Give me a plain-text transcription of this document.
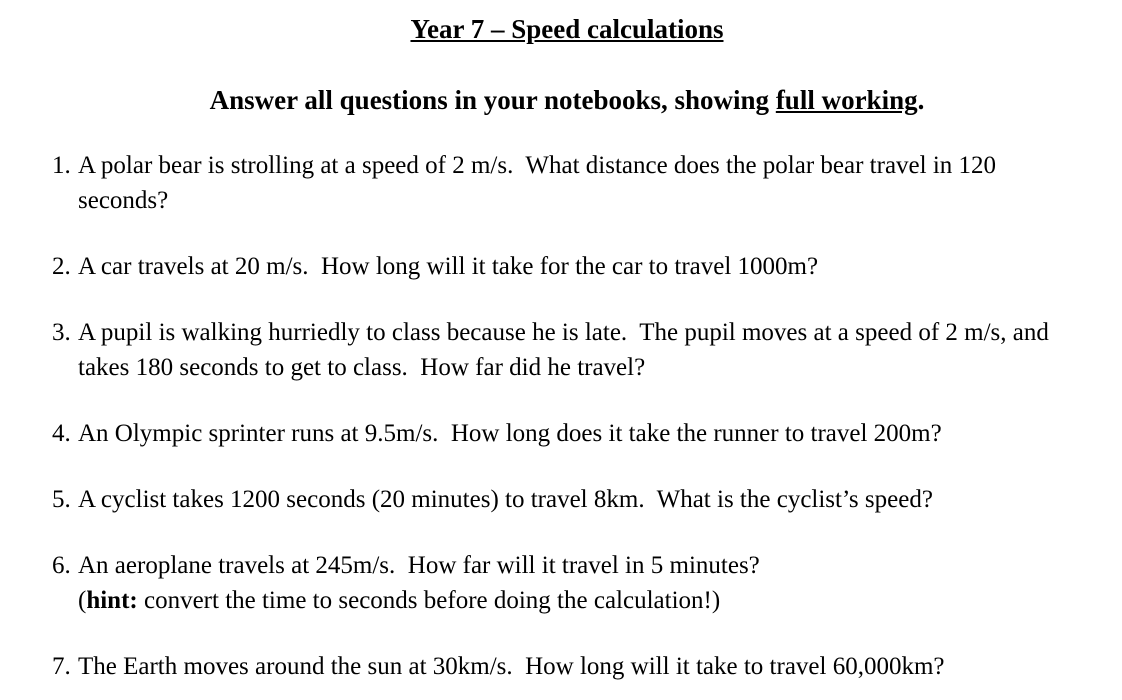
Year 7 – Speed calculations

Answer all questions in your notebooks, showing full working.

1. A polar bear is strolling at a speed of 2 m/s.  What distance does the polar bear travel in 120 seconds?
2. A car travels at 20 m/s.  How long will it take for the car to travel 1000m?
3. A pupil is walking hurriedly to class because he is late.  The pupil moves at a speed of 2 m/s, and takes 180 seconds to get to class.  How far did he travel?
4. An Olympic sprinter runs at 9.5m/s.  How long does it take the runner to travel 200m?
5. A cyclist takes 1200 seconds (20 minutes) to travel 8km.  What is the cyclist’s speed?
6. An aeroplane travels at 245m/s.  How far will it travel in 5 minutes?
(hint: convert the time to seconds before doing the calculation!)
7. The Earth moves around the sun at 30km/s.  How long will it take to travel 60,000km?
